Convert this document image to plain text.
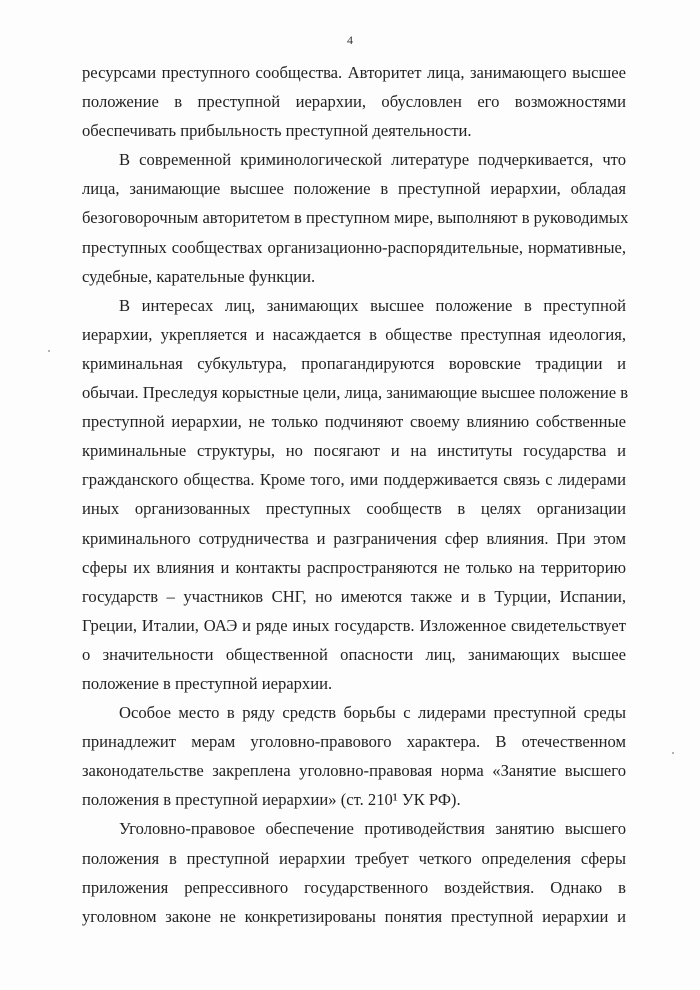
4
ресурсами преступного сообщества. Авторитет лица, занимающего высшее
положение в преступной иерархии, обусловлен его возможностями
обеспечивать прибыльность преступной деятельности.
В современной криминологической литературе подчеркивается, что
лица, занимающие высшее положение в преступной иерархии, обладая
безоговорочным авторитетом в преступном мире, выполняют в руководимых
преступных сообществах организационно-распорядительные, нормативные,
судебные, карательные функции.
В интересах лиц, занимающих высшее положение в преступной
иерархии, укрепляется и насаждается в обществе преступная идеология,
криминальная субкультура, пропагандируются воровские традиции и
обычаи. Преследуя корыстные цели, лица, занимающие высшее положение в
преступной иерархии, не только подчиняют своему влиянию собственные
криминальные структуры, но посягают и на институты государства и
гражданского общества. Кроме того, ими поддерживается связь с лидерами
иных организованных преступных сообществ в целях организации
криминального сотрудничества и разграничения сфер влияния. При этом
сферы их влияния и контакты распространяются не только на территорию
государств – участников СНГ, но имеются также и в Турции, Испании,
Греции, Италии, ОАЭ и ряде иных государств. Изложенное свидетельствует
о значительности общественной опасности лиц, занимающих высшее
положение в преступной иерархии.
Особое место в ряду средств борьбы с лидерами преступной среды
принадлежит мерам уголовно-правового характера. В отечественном
законодательстве закреплена уголовно-правовая норма «Занятие высшего
положения в преступной иерархии» (ст. 210¹ УК РФ).
Уголовно-правовое обеспечение противодействия занятию высшего
положения в преступной иерархии требует четкого определения сферы
приложения репрессивного государственного воздействия. Однако в
уголовном законе не конкретизированы понятия преступной иерархии и
